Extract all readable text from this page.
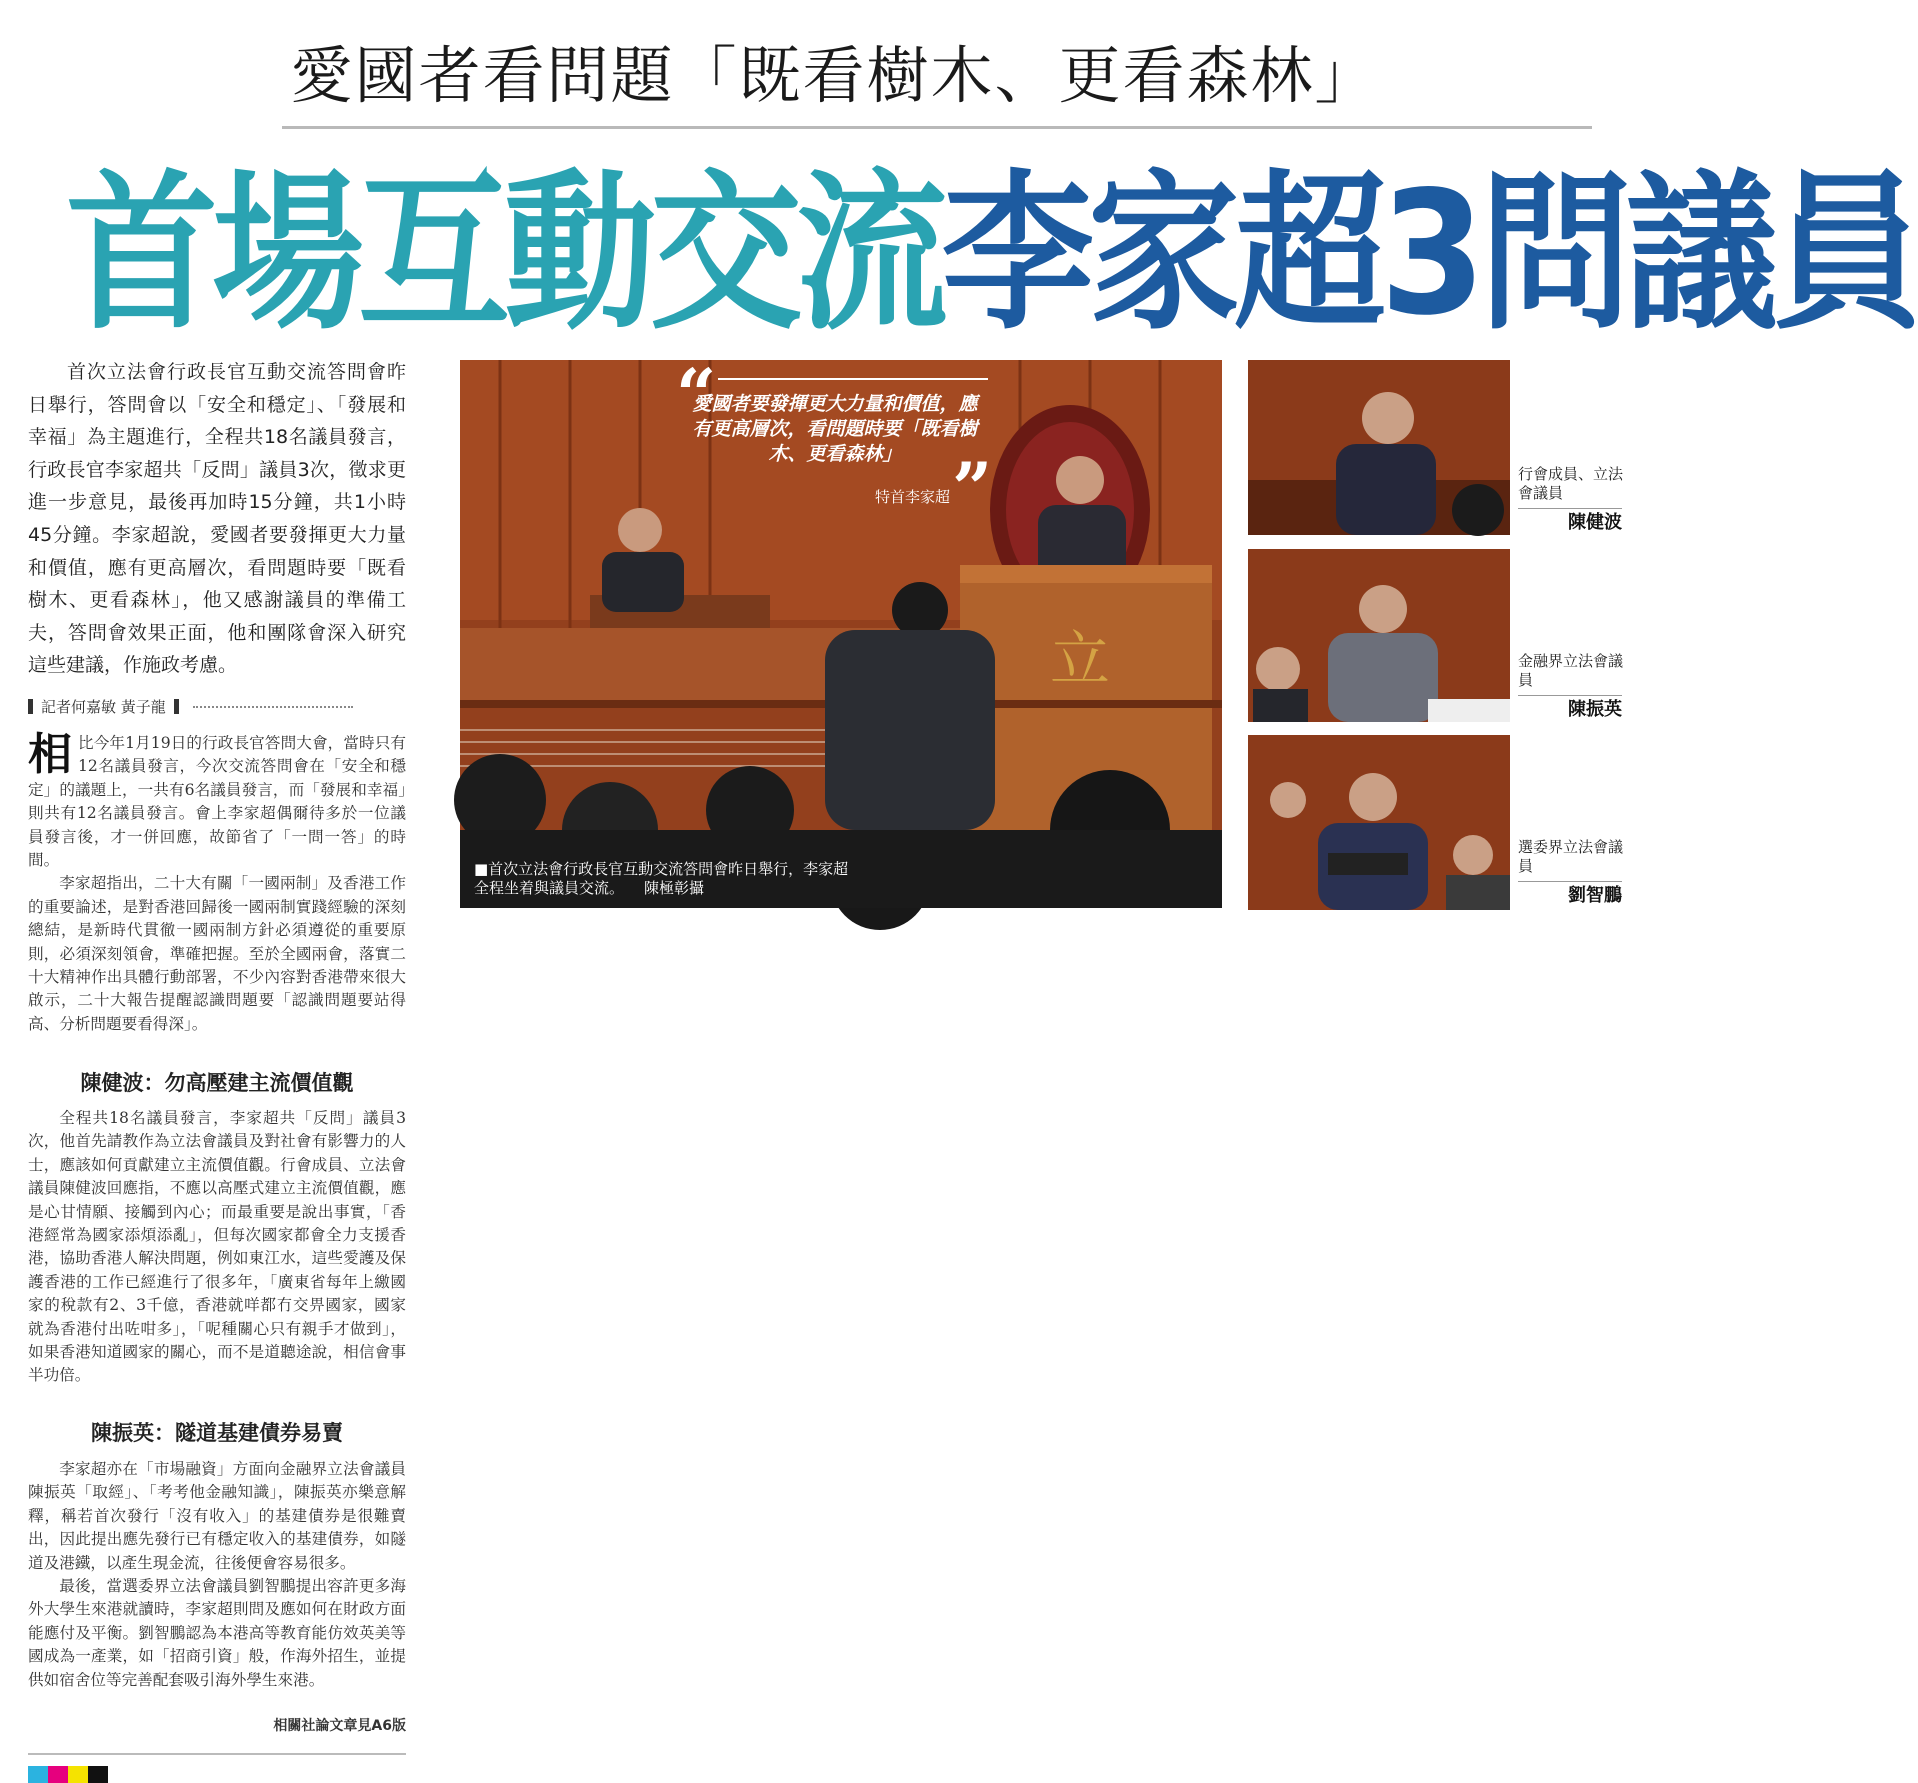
愛國者看問題「既看樹木、更看森林」
首場互動交流李家超3問議員
首次立法會行政長官互動交流答問會昨日舉行，答問會以「安全和穩定」、「發展和幸福」為主題進行，全程共18名議員發言，行政長官李家超共「反問」議員3次，徵求更進一步意見，最後再加時15分鐘，共1小時45分鐘。李家超說，愛國者要發揮更大力量和價值，應有更高層次，看問題時要「既看樹木、更看森林」，他又感謝議員的準備工夫，答問會效果正面，他和團隊會深入研究這些建議，作施政考慮。
記者何嘉敏 黃子龍

相比今年1月19日的行政長官答問大會，當時只有12名議員發言，今次交流答問會在「安全和穩定」的議題上，一共有6名議員發言，而「發展和幸福」則共有12名議員發言。會上李家超偶爾待多於一位議員發言後，才一併回應，故節省了「一問一答」的時間。

李家超指出，二十大有關「一國兩制」及香港工作的重要論述，是對香港回歸後一國兩制實踐經驗的深刻總結，是新時代貫徹一國兩制方針必須遵從的重要原則，必須深刻領會，準確把握。至於全國兩會，落實二十大精神作出具體行動部署，不少內容對香港帶來很大啟示，二十大報告提醒認識問題要「認識問題要站得高、分析問題要看得深」。

陳健波：勿高壓建主流價值觀

全程共18名議員發言，李家超共「反問」議員3次，他首先請教作為立法會議員及對社會有影響力的人士，應該如何貢獻建立主流價值觀。行會成員、立法會議員陳健波回應指，不應以高壓式建立主流價值觀，應是心甘情願、接觸到內心；而最重要是說出事實，「香港經常為國家添煩添亂」，但每次國家都會全力支援香港，協助香港人解決問題，例如東江水，這些愛護及保護香港的工作已經進行了很多年，「廣東省每年上繳國家的稅款有2、3千億，香港就咩都冇交畀國家，國家就為香港付出咗咁多」，「呢種關心只有親手才做到」，如果香港知道國家的關心，而不是道聽途說，相信會事半功倍。

陳振英：隧道基建債券易賣

李家超亦在「市場融資」方面向金融界立法會議員陳振英「取經」、「考考他金融知識」，陳振英亦樂意解釋，稱若首次發行「沒有收入」的基建債券是很難賣出，因此提出應先發行已有穩定收入的基建債券，如隧道及港鐵，以產生現金流，往後便會容易很多。

最後，當選委界立法會議員劉智鵬提出容許更多海外大學生來港就讀時，李家超則問及應如何在財政方面能應付及平衡。劉智鵬認為本港高等教育能仿效英美等國成為一產業，如「招商引資」般，作海外招生，並提供如宿舍位等完善配套吸引海外學生來港。

相關社論文章見A6版
立
“
愛國者要發揮更大力量和價值，應有更高層次，看問題時要「既看樹木、更看森林」 ”
特首李家超
■首次立法會行政長官互動交流答問會昨日舉行，李家超全程坐着與議員交流。 陳極彰攝
行會成員、立法會議員
陳健波
金融界立法會議員
陳振英
選委界立法會議員
劉智鵬
